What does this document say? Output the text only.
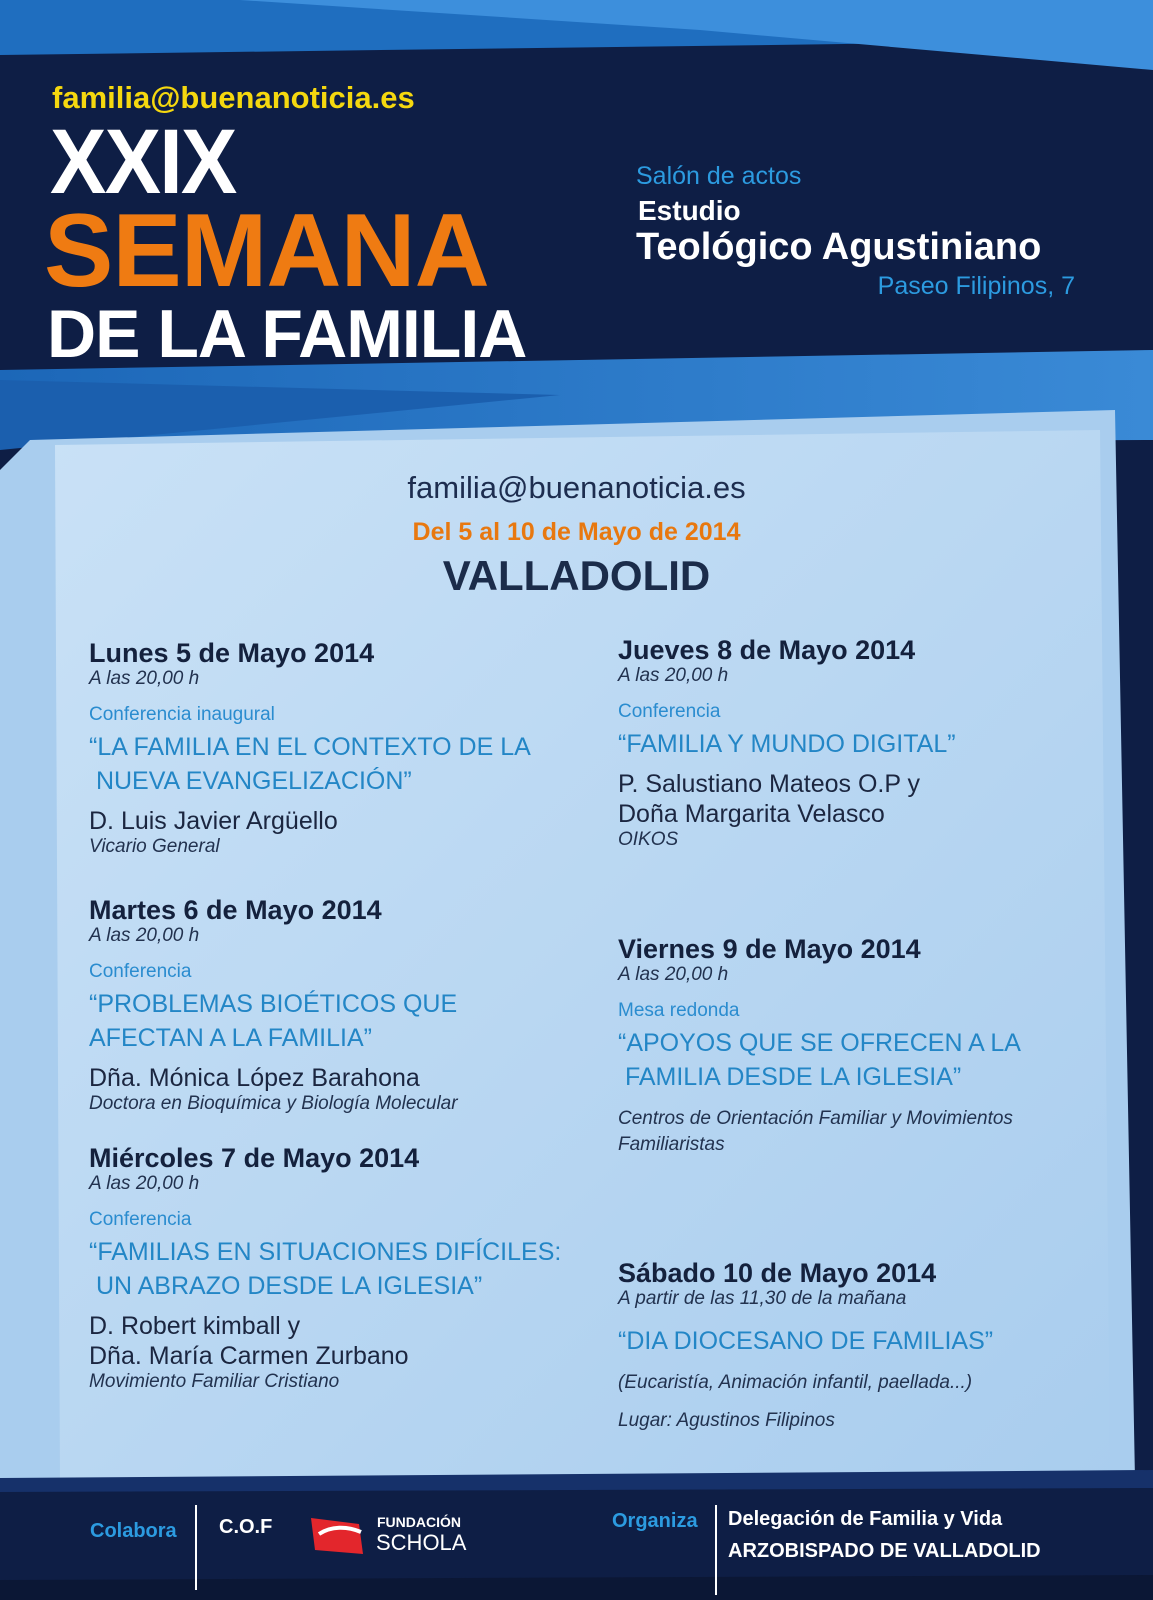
familia@buenanoticia.es
XXIX
SEMANA
DE LA FAMILIA
Salón de actos
Estudio
Teológico Agustiniano
Paseo Filipinos, 7
familia@buenanoticia.es
Del 5 al 10 de Mayo de 2014
VALLADOLID
Lunes 5 de Mayo 2014
A las 20,00 h
Conferencia inaugural
“LA FAMILIA EN EL CONTEXTO DE LA
NUEVA EVANGELIZACIÓN”
D. Luis Javier Argüello
Vicario General
Martes 6 de Mayo 2014
A las 20,00 h
Conferencia
“PROBLEMAS BIOÉTICOS QUE
AFECTAN A LA FAMILIA”
Dña. Mónica López Barahona
Doctora en Bioquímica y Biología Molecular
Miércoles 7 de Mayo 2014
A las 20,00 h
Conferencia
“FAMILIAS EN SITUACIONES DIFÍCILES:
UN ABRAZO DESDE LA IGLESIA”
D. Robert kimball y
Dña. María Carmen Zurbano
Movimiento Familiar Cristiano
Jueves 8 de Mayo 2014
A las 20,00 h
Conferencia
“FAMILIA Y MUNDO DIGITAL”
P. Salustiano Mateos O.P y
Doña Margarita Velasco
OIKOS
Viernes 9 de Mayo 2014
A las 20,00 h
Mesa redonda
“APOYOS QUE SE OFRECEN A LA
FAMILIA DESDE LA IGLESIA”
Centros de Orientación Familiar y Movimientos
Familiaristas
Sábado 10 de Mayo 2014
A partir de las 11,30 de la mañana
“DIA DIOCESANO DE FAMILIAS”
(Eucaristía, Animación infantil, paellada...)
Lugar: Agustinos Filipinos
Colabora C.O.F	FUNDACIÓN
SCHOLA
Organiza Delegación de Familia y Vida
ARZOBISPADO DE VALLADOLID
